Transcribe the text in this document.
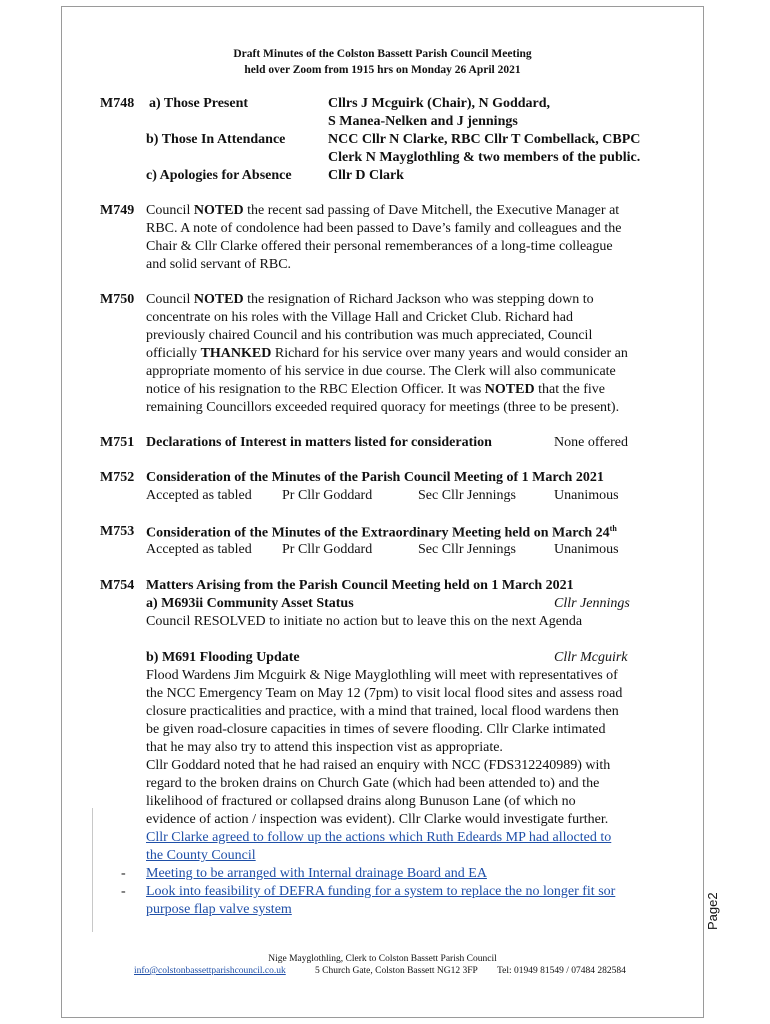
Draft Minutes of the Colston Bassett Parish Council Meeting
held over Zoom from 1915 hrs on Monday 26 April 2021
M748 a) Those Present	Cllrs J Mcguirk (Chair), N Goddard,
S Manea-Nelken and J jennings
b) Those In Attendance	NCC Cllr N Clarke, RBC Cllr T Combellack, CBPC
Clerk N Mayglothling & two members of the public.
c) Apologies for Absence	Cllr D Clark
M749 Council NOTED the recent sad passing of Dave Mitchell, the Executive Manager at
RBC. A note of condolence had been passed to Dave’s family and colleagues and the
Chair & Cllr Clarke offered their personal rememberances of a long-time colleague
and solid servant of RBC.
M750 Council NOTED the resignation of Richard Jackson who was stepping down to
concentrate on his roles with the Village Hall and Cricket Club. Richard had
previously chaired Council and his contribution was much appreciated, Council
officially THANKED Richard for his service over many years and would consider an
appropriate momento of his service in due course. The Clerk will also communicate
notice of his resignation to the RBC Election Officer. It was NOTED that the five
remaining Councillors exceeded required quoracy for meetings (three to be present).
M751 Declarations of Interest in matters listed for consideration	None offered
M752 Consideration of the Minutes of the Parish Council Meeting of 1 March 2021
Accepted as tabled Pr Cllr Goddard	Sec Cllr Jennings	Unanimous
M753 Consideration of the Minutes of the Extraordinary Meeting held on March 24th
Accepted as tabled Pr Cllr Goddard	Sec Cllr Jennings	Unanimous
M754 Matters Arising from the Parish Council Meeting held on 1 March 2021
a) M693ii Community Asset Status	Cllr Jennings
Council RESOLVED to initiate no action but to leave this on the next Agenda
b) M691 Flooding Update	Cllr Mcguirk
Flood Wardens Jim Mcguirk & Nige Mayglothling will meet with representatives of
the NCC Emergency Team on May 12 (7pm) to visit local flood sites and assess road
closure practicalities and practice, with a mind that trained, local flood wardens then
be given road-closure capacities in times of severe flooding. Cllr Clarke intimated
that he may also try to attend this inspection vist as appropriate.
Cllr Goddard noted that he had raised an enquiry with NCC (FDS312240989) with
regard to the broken drains on Church Gate (which had been attended to) and the
likelihood of fractured or collapsed drains along Bunuson Lane (of which no
evidence of action / inspection was evident). Cllr Clarke would investigate further.
Cllr Clarke agreed to follow up the actions which Ruth Edeards MP had allocted to
the County Council
- Meeting to be arranged with Internal drainage Board and EA
- Look into feasibility of DEFRA funding for a system to replace the no longer fit sor
purpose flap valve system	Page2
Nige Mayglothling, Clerk to Colston Bassett Parish Council
info@colstonbassettparishcouncil.co.uk	5 Church Gate, Colston Bassett NG12 3FP Tel: 01949 81549 / 07484 282584
